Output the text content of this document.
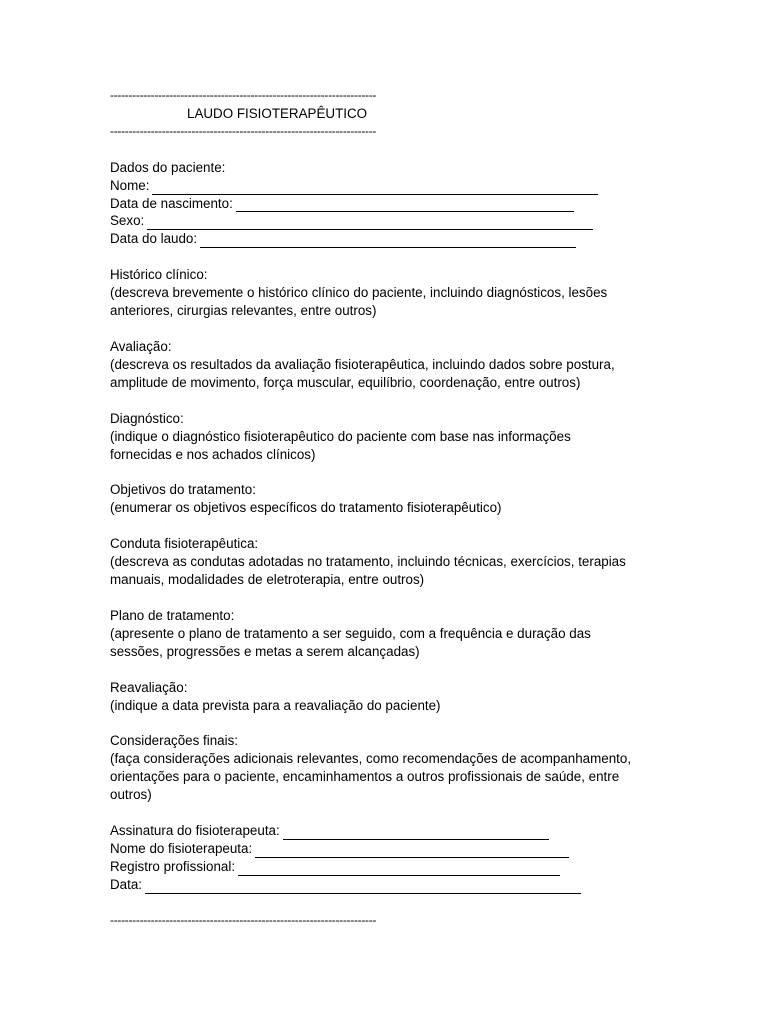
------------------------------------------------------------------------
LAUDO FISIOTERAPÊUTICO
------------------------------------------------------------------------

Dados do paciente:

Nome:
Data de nascimento:
Sexo:
Data do laudo:

Histórico clínico:

(descreva brevemente o histórico clínico do paciente, incluindo diagnósticos, lesões

anteriores, cirurgias relevantes, entre outros)

Avaliação:

(descreva os resultados da avaliação fisioterapêutica, incluindo dados sobre postura,

amplitude de movimento, força muscular, equilíbrio, coordenação, entre outros)

Diagnóstico:

(indique o diagnóstico fisioterapêutico do paciente com base nas informações

fornecidas e nos achados clínicos)

Objetivos do tratamento:

(enumerar os objetivos específicos do tratamento fisioterapêutico)

Conduta fisioterapêutica:

(descreva as condutas adotadas no tratamento, incluindo técnicas, exercícios, terapias

manuais, modalidades de eletroterapia, entre outros)

Plano de tratamento:

(apresente o plano de tratamento a ser seguido, com a frequência e duração das

sessões, progressões e metas a serem alcançadas)

Reavaliação:

(indique a data prevista para a reavaliação do paciente)

Considerações finais:

(faça considerações adicionais relevantes, como recomendações de acompanhamento,

orientações para o paciente, encaminhamentos a outros profissionais de saúde, entre

outros)

Assinatura do fisioterapeuta:
Nome do fisioterapeuta:
Registro profissional:
Data:
------------------------------------------------------------------------
